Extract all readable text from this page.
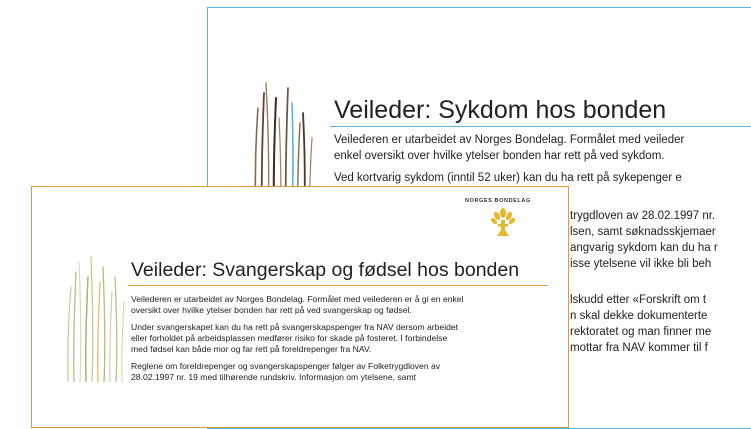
Veileder: Sykdom hos bonden
Veilederen er utarbeidet av Norges Bondelag. Formålet med veileder
enkel oversikt over hvilke ytelser bonden har rett på ved sykdom.
Ved kortvarig sykdom (inntil 52 uker) kan du ha rett på sykepenger e
trygdloven av 28.02.1997 nr.
lsen, samt søknadsskjemaer
angvarig sykdom kan du ha r
isse ytelsene vil ikke bli beh
lskudd etter «Forskrift om t
n skal dekke dokumenterte
rektoratet og man finner me
mottar fra NAV kommer til f
NORGES BONDELAG
Veileder: Svangerskap og fødsel hos bonden
Veilederen er utarbeidet av Norges Bondelag. Formålet med veilederen er å gi en enkel
oversikt over hvilke ytelser bonden har rett på ved svangerskap og fødsel.
Under svangerskapet kan du ha rett på svangerskapspenger fra NAV dersom arbeidet
eller forholdet på arbeidsplassen medfører risiko for skade på fosteret. I forbindelse
med fødsel kan både mor og far rett på foreldrepenger fra NAV.
Reglene om foreldrepenger og svangerskapspenger følger av Folketrygdloven av
28.02.1997 nr. 19 med tilhørende rundskriv. Informasjon om ytelsene, samt
